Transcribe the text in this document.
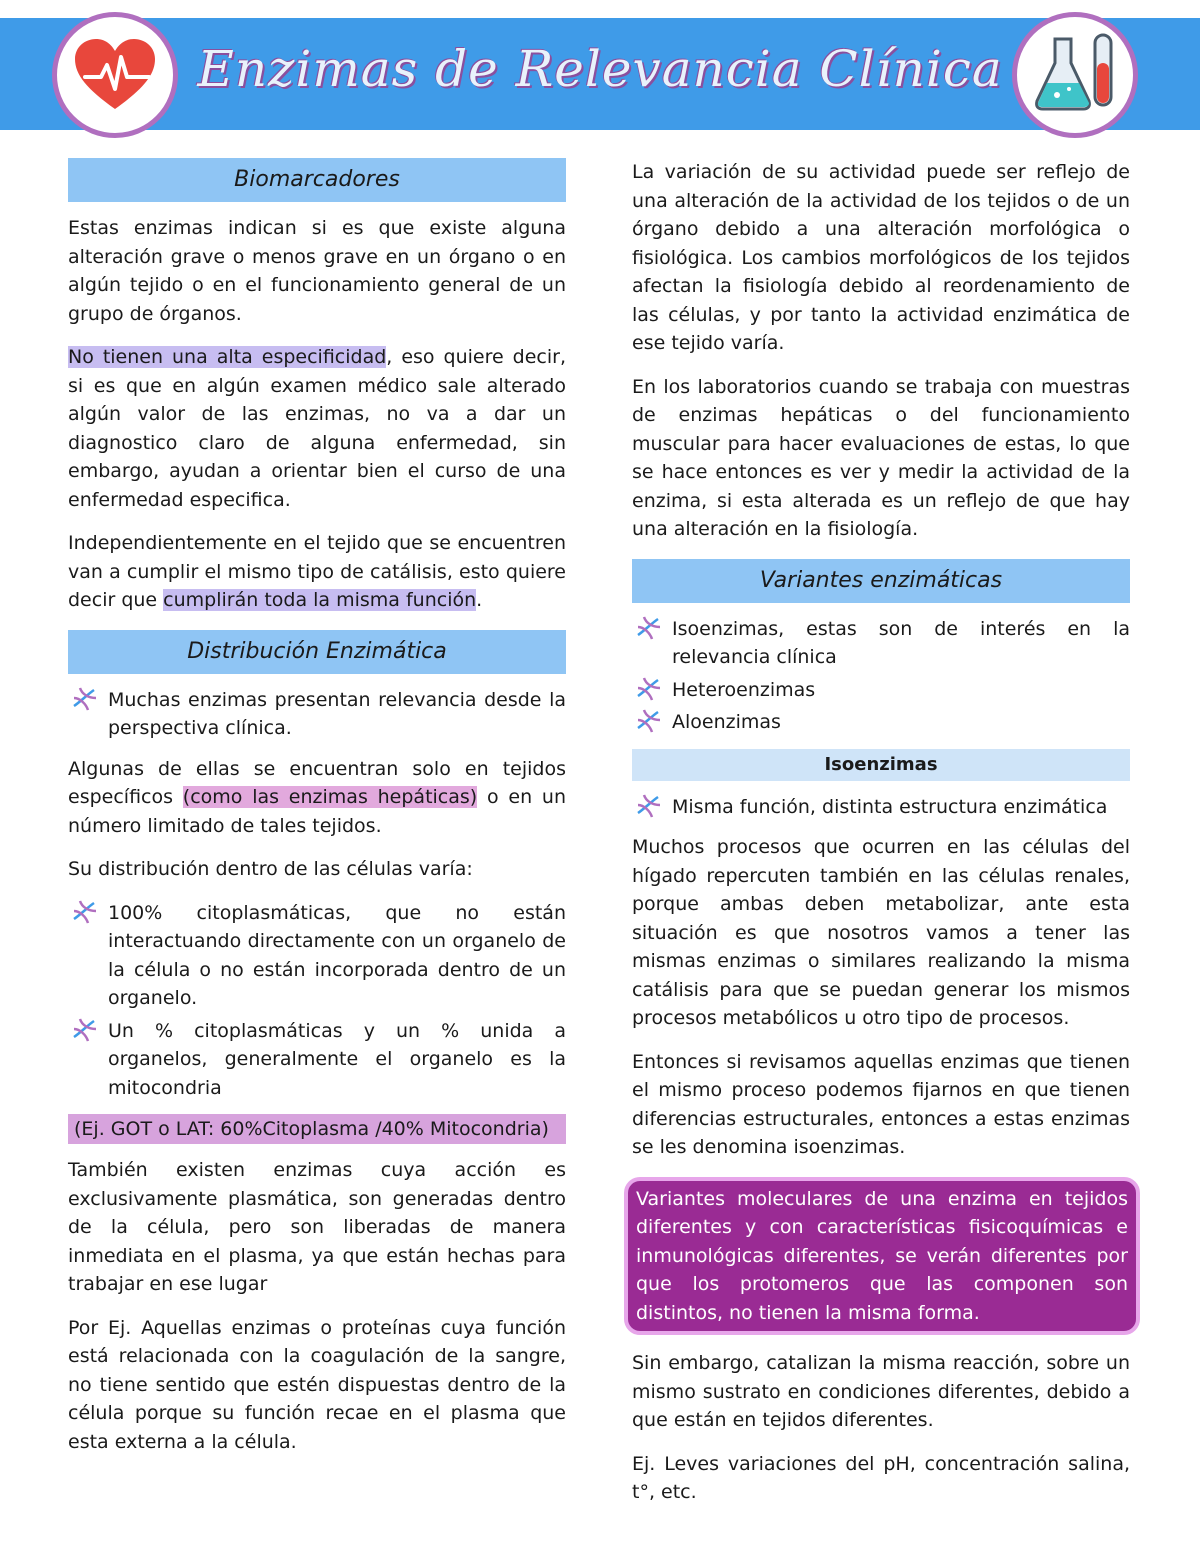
Enzimas de Relevancia Clínica
Biomarcadores

Estas enzimas indican si es que existe alguna alteración grave o menos grave en un órgano o en algún tejido o en el funcionamiento general de un grupo de órganos.

No tienen una alta especificidad, eso quiere decir, si es que en algún examen médico sale alterado algún valor de las enzimas, no va a dar un diagnostico claro de alguna enfermedad, sin embargo, ayudan a orientar bien el curso de una enfermedad especifica.

Independientemente en el tejido que se encuentren van a cumplir el mismo tipo de catálisis, esto quiere decir que cumplirán toda la misma función.

Distribución Enzimática
Muchas enzimas presentan relevancia desde la perspectiva clínica.

Algunas de ellas se encuentran solo en tejidos específicos (como las enzimas hepáticas) o en un número limitado de tales tejidos.

Su distribución dentro de las células varía:

100% citoplasmáticas, que no están interactuando directamente con un organelo de la célula o no están incorporada dentro de un organelo.
Un % citoplasmáticas y un % unida a organelos, generalmente el organelo es la mitocondria
(Ej. GOT o LAT: 60%Citoplasma /40% Mitocondria)

También existen enzimas cuya acción es exclusivamente plasmática, son generadas dentro de la célula, pero son liberadas de manera inmediata en el plasma, ya que están hechas para trabajar en ese lugar

Por Ej. Aquellas enzimas o proteínas cuya función está relacionada con la coagulación de la sangre, no tiene sentido que estén dispuestas dentro de la célula porque su función recae en el plasma que esta externa a la célula.

La variación de su actividad puede ser reflejo de una alteración de la actividad de los tejidos o de un órgano debido a una alteración morfológica o fisiológica. Los cambios morfológicos de los tejidos afectan la fisiología debido al reordenamiento de las células, y por tanto la actividad enzimática de ese tejido varía.

En los laboratorios cuando se trabaja con muestras de enzimas hepáticas o del funcionamiento muscular para hacer evaluaciones de estas, lo que se hace entonces es ver y medir la actividad de la enzima, si esta alterada es un reflejo de que hay una alteración en la fisiología.

Variantes enzimáticas
Isoenzimas, estas son de interés en la relevancia clínica
Heteroenzimas
Aloenzimas
Isoenzimas
Misma función, distinta estructura enzimática

Muchos procesos que ocurren en las células del hígado repercuten también en las células renales, porque ambas deben metabolizar, ante esta situación es que nosotros vamos a tener las mismas enzimas o similares realizando la misma catálisis para que se puedan generar los mismos procesos metabólicos u otro tipo de procesos.

Entonces si revisamos aquellas enzimas que tienen el mismo proceso podemos fijarnos en que tienen diferencias estructurales, entonces a estas enzimas se les denomina isoenzimas.

Variantes moleculares de una enzima en tejidos diferentes y con características fisicoquímicas e inmunológicas diferentes, se verán diferentes por que los protomeros que las componen son distintos, no tienen la misma forma.

Sin embargo, catalizan la misma reacción, sobre un mismo sustrato en condiciones diferentes, debido a que están en tejidos diferentes.

Ej. Leves variaciones del pH, concentración salina, t°, etc.
